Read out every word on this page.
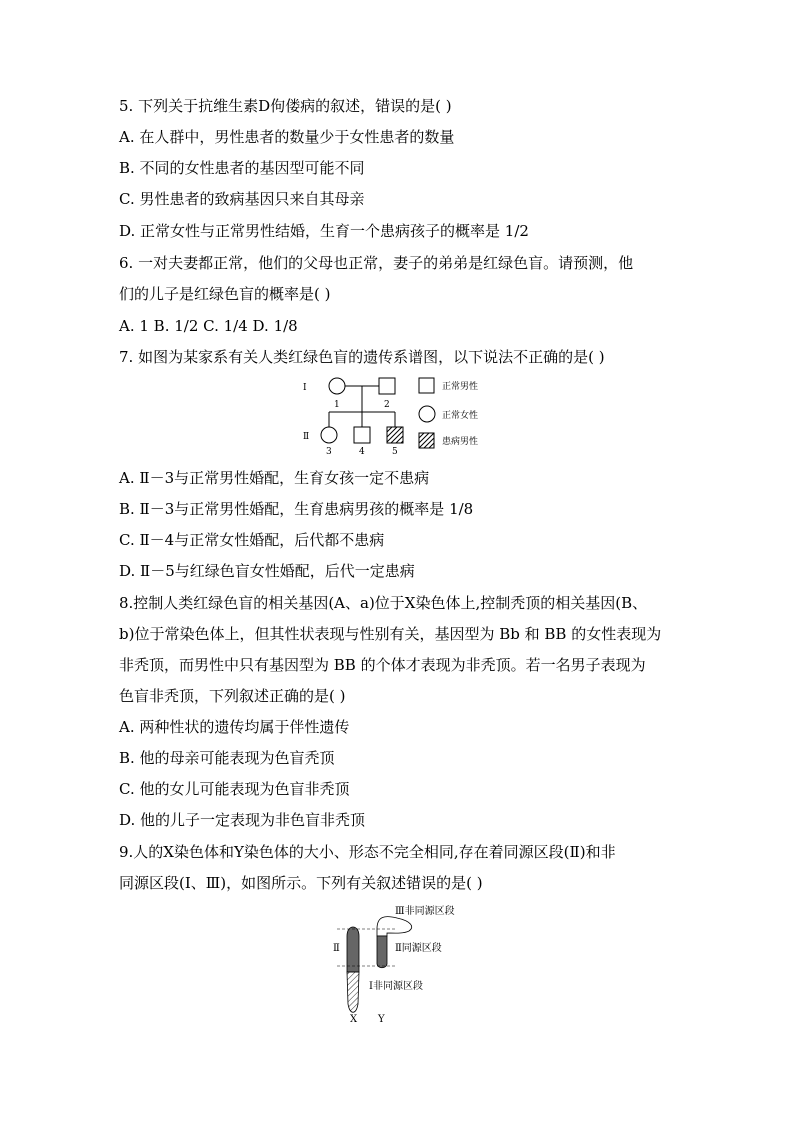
5. 下列关于抗维生素D佝偻病的叙述，错误的是( )
A. 在人群中，男性患者的数量少于女性患者的数量
B. 不同的女性患者的基因型可能不同
C. 男性患者的致病基因只来自其母亲
D. 正常女性与正常男性结婚，生育一个患病孩子的概率是 1/2
6. 一对夫妻都正常，他们的父母也正常，妻子的弟弟是红绿色盲。请预测，他
们的儿子是红绿色盲的概率是( )
A. 1 B. 1/2 C. 1/4 D. 1/8
7. 如图为某家系有关人类红绿色盲的遗传系谱图，以下说法不正确的是( )
Ⅰ
Ⅱ
1	2
3	4	5
正常男性
正常女性
患病男性
A. Ⅱ－3与正常男性婚配，生育女孩一定不患病
B. Ⅱ－3与正常男性婚配，生育患病男孩的概率是 1/8
C. Ⅱ－4与正常女性婚配，后代都不患病
D. Ⅱ－5与红绿色盲女性婚配，后代一定患病
8.控制人类红绿色盲的相关基因(A、a)位于X染色体上,控制秃顶的相关基因(B、
b)位于常染色体上，但其性状表现与性别有关，基因型为 Bb 和 BB 的女性表现为
非秃顶，而男性中只有基因型为 BB 的个体才表现为非秃顶。若一名男子表现为
色盲非秃顶，下列叙述正确的是( )
A. 两种性状的遗传均属于伴性遗传
B. 他的母亲可能表现为色盲秃顶
C. 他的女儿可能表现为色盲非秃顶
D. 他的儿子一定表现为非色盲非秃顶
9.人的X染色体和Y染色体的大小、形态不完全相同,存在着同源区段(Ⅱ)和非
同源区段(Ⅰ、Ⅲ)，如图所示。下列有关叙述错误的是( )
Ⅲ非同源区段
Ⅱ	Ⅱ同源区段
Ⅰ非同源区段
X Y
